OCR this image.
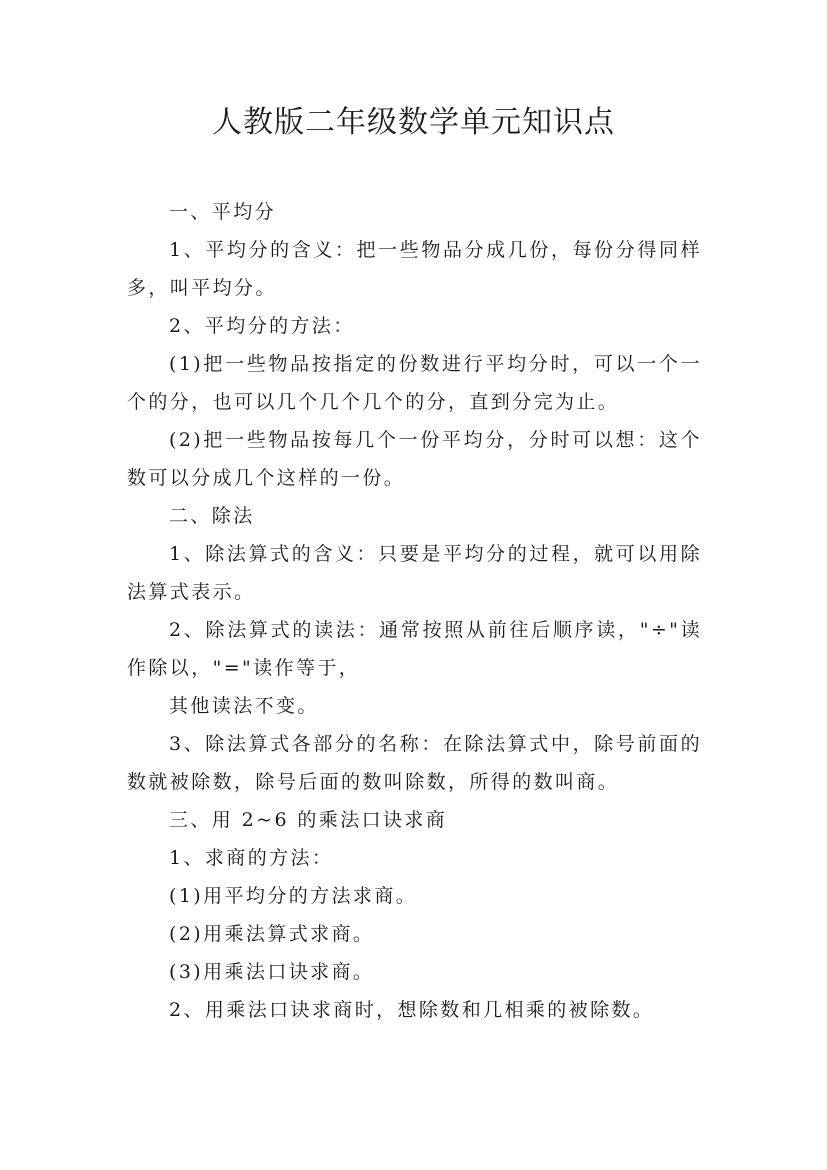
人教版二年级数学单元知识点

一、平均分

1、平均分的含义：把一些物品分成几份，每份分得同样多，叫平均分。

2、平均分的方法：

(1)把一些物品按指定的份数进行平均分时，可以一个一个的分，也可以几个几个几个的分，直到分完为止。

(2)把一些物品按每几个一份平均分，分时可以想：这个数可以分成几个这样的一份。

二、除法

1、除法算式的含义：只要是平均分的过程，就可以用除法算式表示。

2、除法算式的读法：通常按照从前往后顺序读，"÷"读作除以，"="读作等于，

其他读法不变。

3、除法算式各部分的名称：在除法算式中，除号前面的数就被除数，除号后面的数叫除数，所得的数叫商。

三、用 2~6 的乘法口诀求商

1、求商的方法：

(1)用平均分的方法求商。

(2)用乘法算式求商。

(3)用乘法口诀求商。

2、用乘法口诀求商时，想除数和几相乘的被除数。
